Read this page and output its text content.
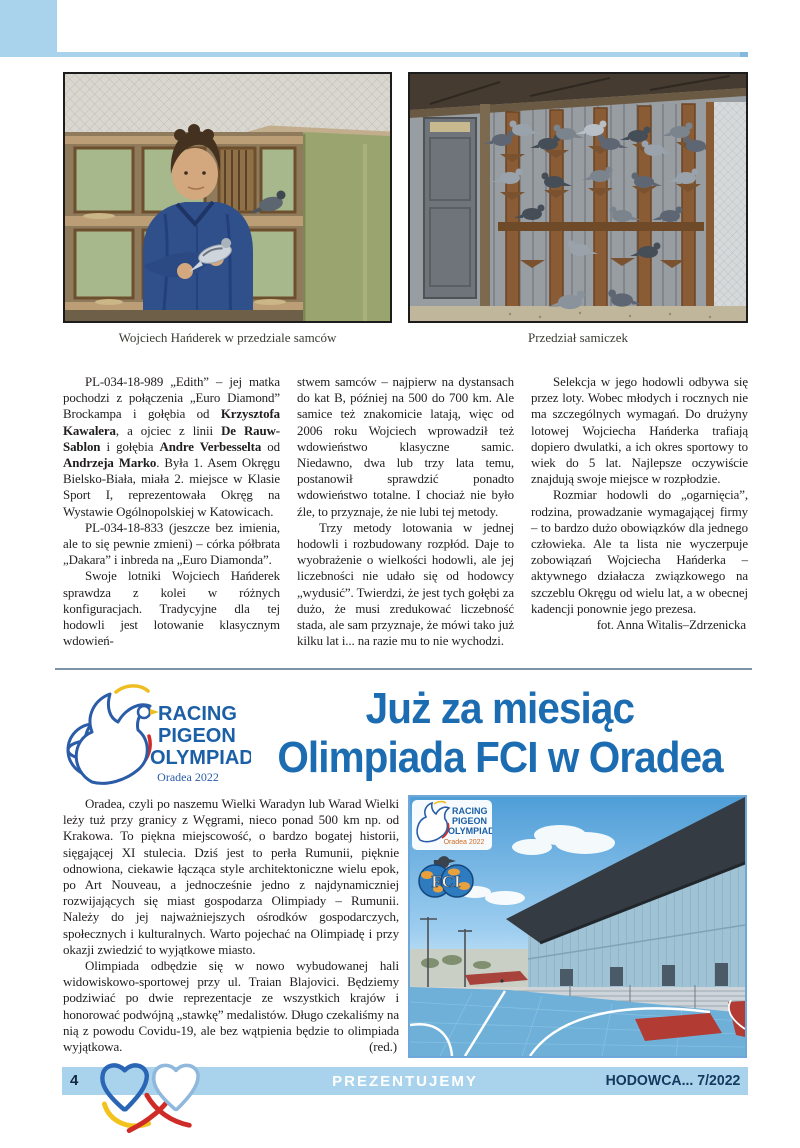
Wojciech Hańderek w przedziale samców	Przedział samiczek

PL-034-18-989 „Edith” – jej matka pochodzi z połączenia „Euro Diamond” Brockampa i gołębia od Krzysztofa Kawalera, a ojciec z linii De Rauw-Sablon i gołębia Andre Verbesselta od Andrzeja Marko. Była 1. Asem Okręgu Bielsko-Biała, miała 2. miejsce w Klasie Sport I, reprezentowała Okręg na Wystawie Ogólnopolskiej w Katowicach.

PL-034-18-833 (jeszcze bez imienia, ale to się pewnie zmieni) – córka półbrata „Dakara” i inbreda na „Euro Diamonda”.

Swoje lotniki Wojciech Hańderek sprawdza z kolei w różnych konfiguracjach. Tradycyjne dla tej hodowli jest lotowanie klasycznym wdowień-

stwem samców – najpierw na dystansach do kat B, później na 500 do 700 km. Ale samice też znakomicie latają, więc od 2006 roku Wojciech wprowadził też wdowieństwo klasyczne samic. Niedawno, dwa lub trzy lata temu, postanowił sprawdzić ponadto wdowieństwo totalne. I chociaż nie było źle, to przyznaje, że nie lubi tej metody.

Trzy metody lotowania w jednej hodowli i rozbudowany rozpłód. Daje to wyobrażenie o wielkości hodowli, ale jej liczebności nie udało się od hodowcy „wydusić”. Twierdzi, że jest tych gołębi za dużo, że musi zredukować liczebność stada, ale sam przyznaje, że mówi tako już kilku lat i... na razie mu to nie wychodzi.

Selekcja w jego hodowli odbywa się przez loty. Wobec młodych i rocznych nie ma szczególnych wymagań. Do drużyny lotowej Wojciecha Hańderka trafiają dopiero dwulatki, a ich okres sportowy to wiek do 5 lat. Najlepsze oczywiście znajdują swoje miejsce w rozpłodzie.

Rozmiar hodowli do „ogarnięcia”, rodzina, prowadzanie wymagającej firmy – to bardzo dużo obowiązków dla jednego człowieka. Ale ta lista nie wyczerpuje zobowiązań Wojciecha Hańderka – aktywnego działacza związkowego na szczeblu Okręgu od wielu lat, a w obecnej kadencji ponownie jego prezesa.

fot. Anna Witalis–Zdrzenicka

RACING
PIGEON
OLYMPIAD
Oradea 2022
Już za miesiąc
Olimpiada FCI w Oradea

Oradea, czyli po naszemu Wielki Waradyn lub Warad Wielki leży tuż przy granicy z Węgrami, nieco ponad 500 km np. od Krakowa. To piękna miejscowość, o bardzo bogatej historii, sięgającej XI stulecia. Dziś jest to perła Rumunii, pięknie odnowiona, ciekawie łącząca style architektoniczne wielu epok, po Art Nouveau, a jednocześnie jedno z najdynamiczniej rozwijających się miast gospodarza Olimpiady – Rumunii. Należy do jej najważniejszych ośrodków gospodarczych, społecznych i kulturalnych. Warto pojechać na Olimpiadę i przy okazji zwiedzić to wyjątkowe miasto.

Olimpiada odbędzie się w nowo wybudowanej hali widowiskowo-sportowej przy ul. Traian Blajovici. Będziemy podziwiać po dwie reprezentacje ze wszystkich krajów i honorować podwójną „stawkę” medalistów. Długo czekaliśmy na nią z powodu Covidu-19, ale bez wątpienia będzie to olimpiada wyjątkowa.	(red.)
RACING
PIGEON
OLYMPIAD
Oradea 2022
FCI
4	PREZENTUJEMY	HODOWCA... 7/2022
